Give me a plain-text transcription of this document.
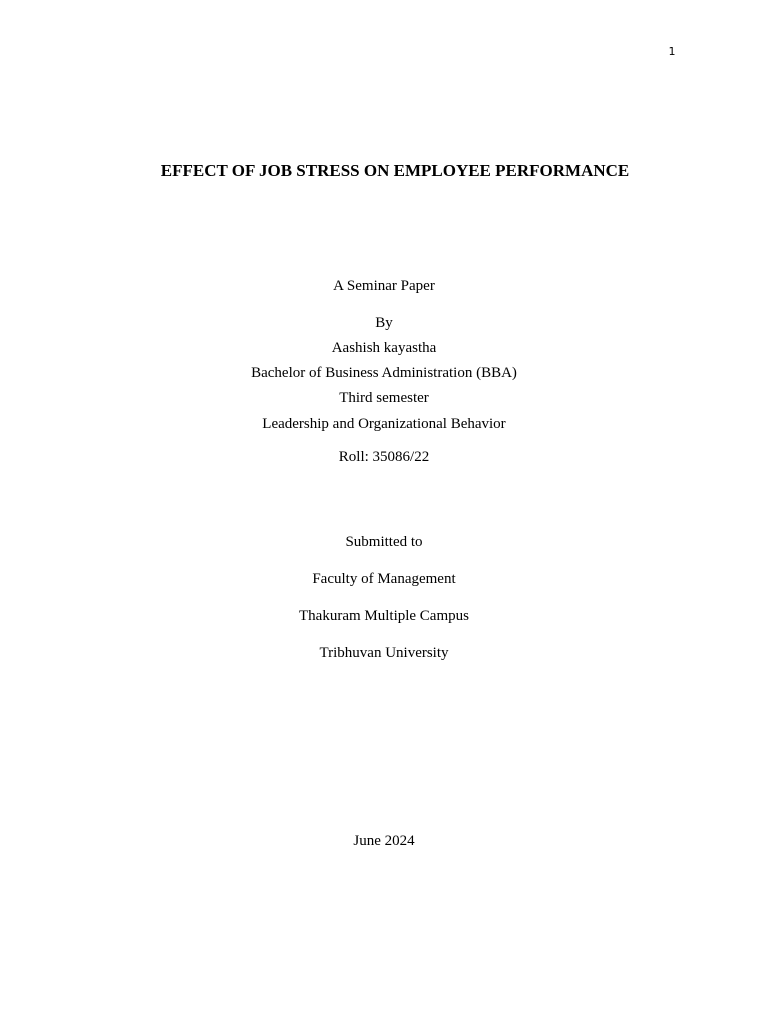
1
EFFECT OF JOB STRESS ON EMPLOYEE PERFORMANCE
A Seminar Paper
By
Aashish kayastha
Bachelor of Business Administration (BBA)
Third semester
Leadership and Organizational Behavior
Roll: 35086/22
Submitted to
Faculty of Management
Thakuram Multiple Campus
Tribhuvan University
June 2024
